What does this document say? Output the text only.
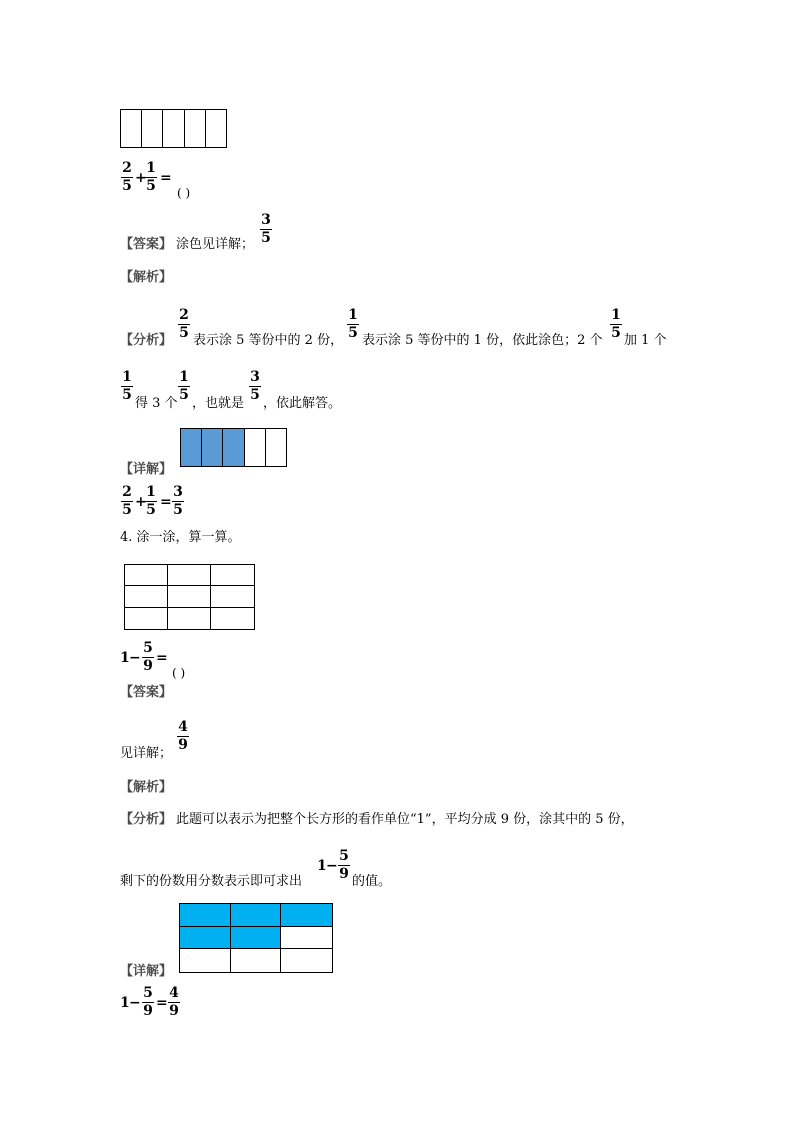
2
5 +
1
5 =
( )
【答案】 涂色见详解；
3
5
【解析】
【分析】
2
5 表示涂 5 等份中的 2 份，
1
5 表示涂 5 等份中的 1 份，依此涂色；2 个
1
5 加 1 个
1
5
得 3 个
1
5
，也就是
3
5
，依此解答。
【详解】
2
5 +
1
5 =
3
5
4. 涂一涂，算一算。
1 −
5
9 =
( )
【答案】
见详解；
4
9
【解析】
【分析】 此题可以表示为把整个长方形的看作单位“1”，平均分成 9 份，涂其中的 5 份，
剩下的份数用分数表示即可求出
1 −
5
9 的值。
【详解】
1 −
5
9 =
4
9
